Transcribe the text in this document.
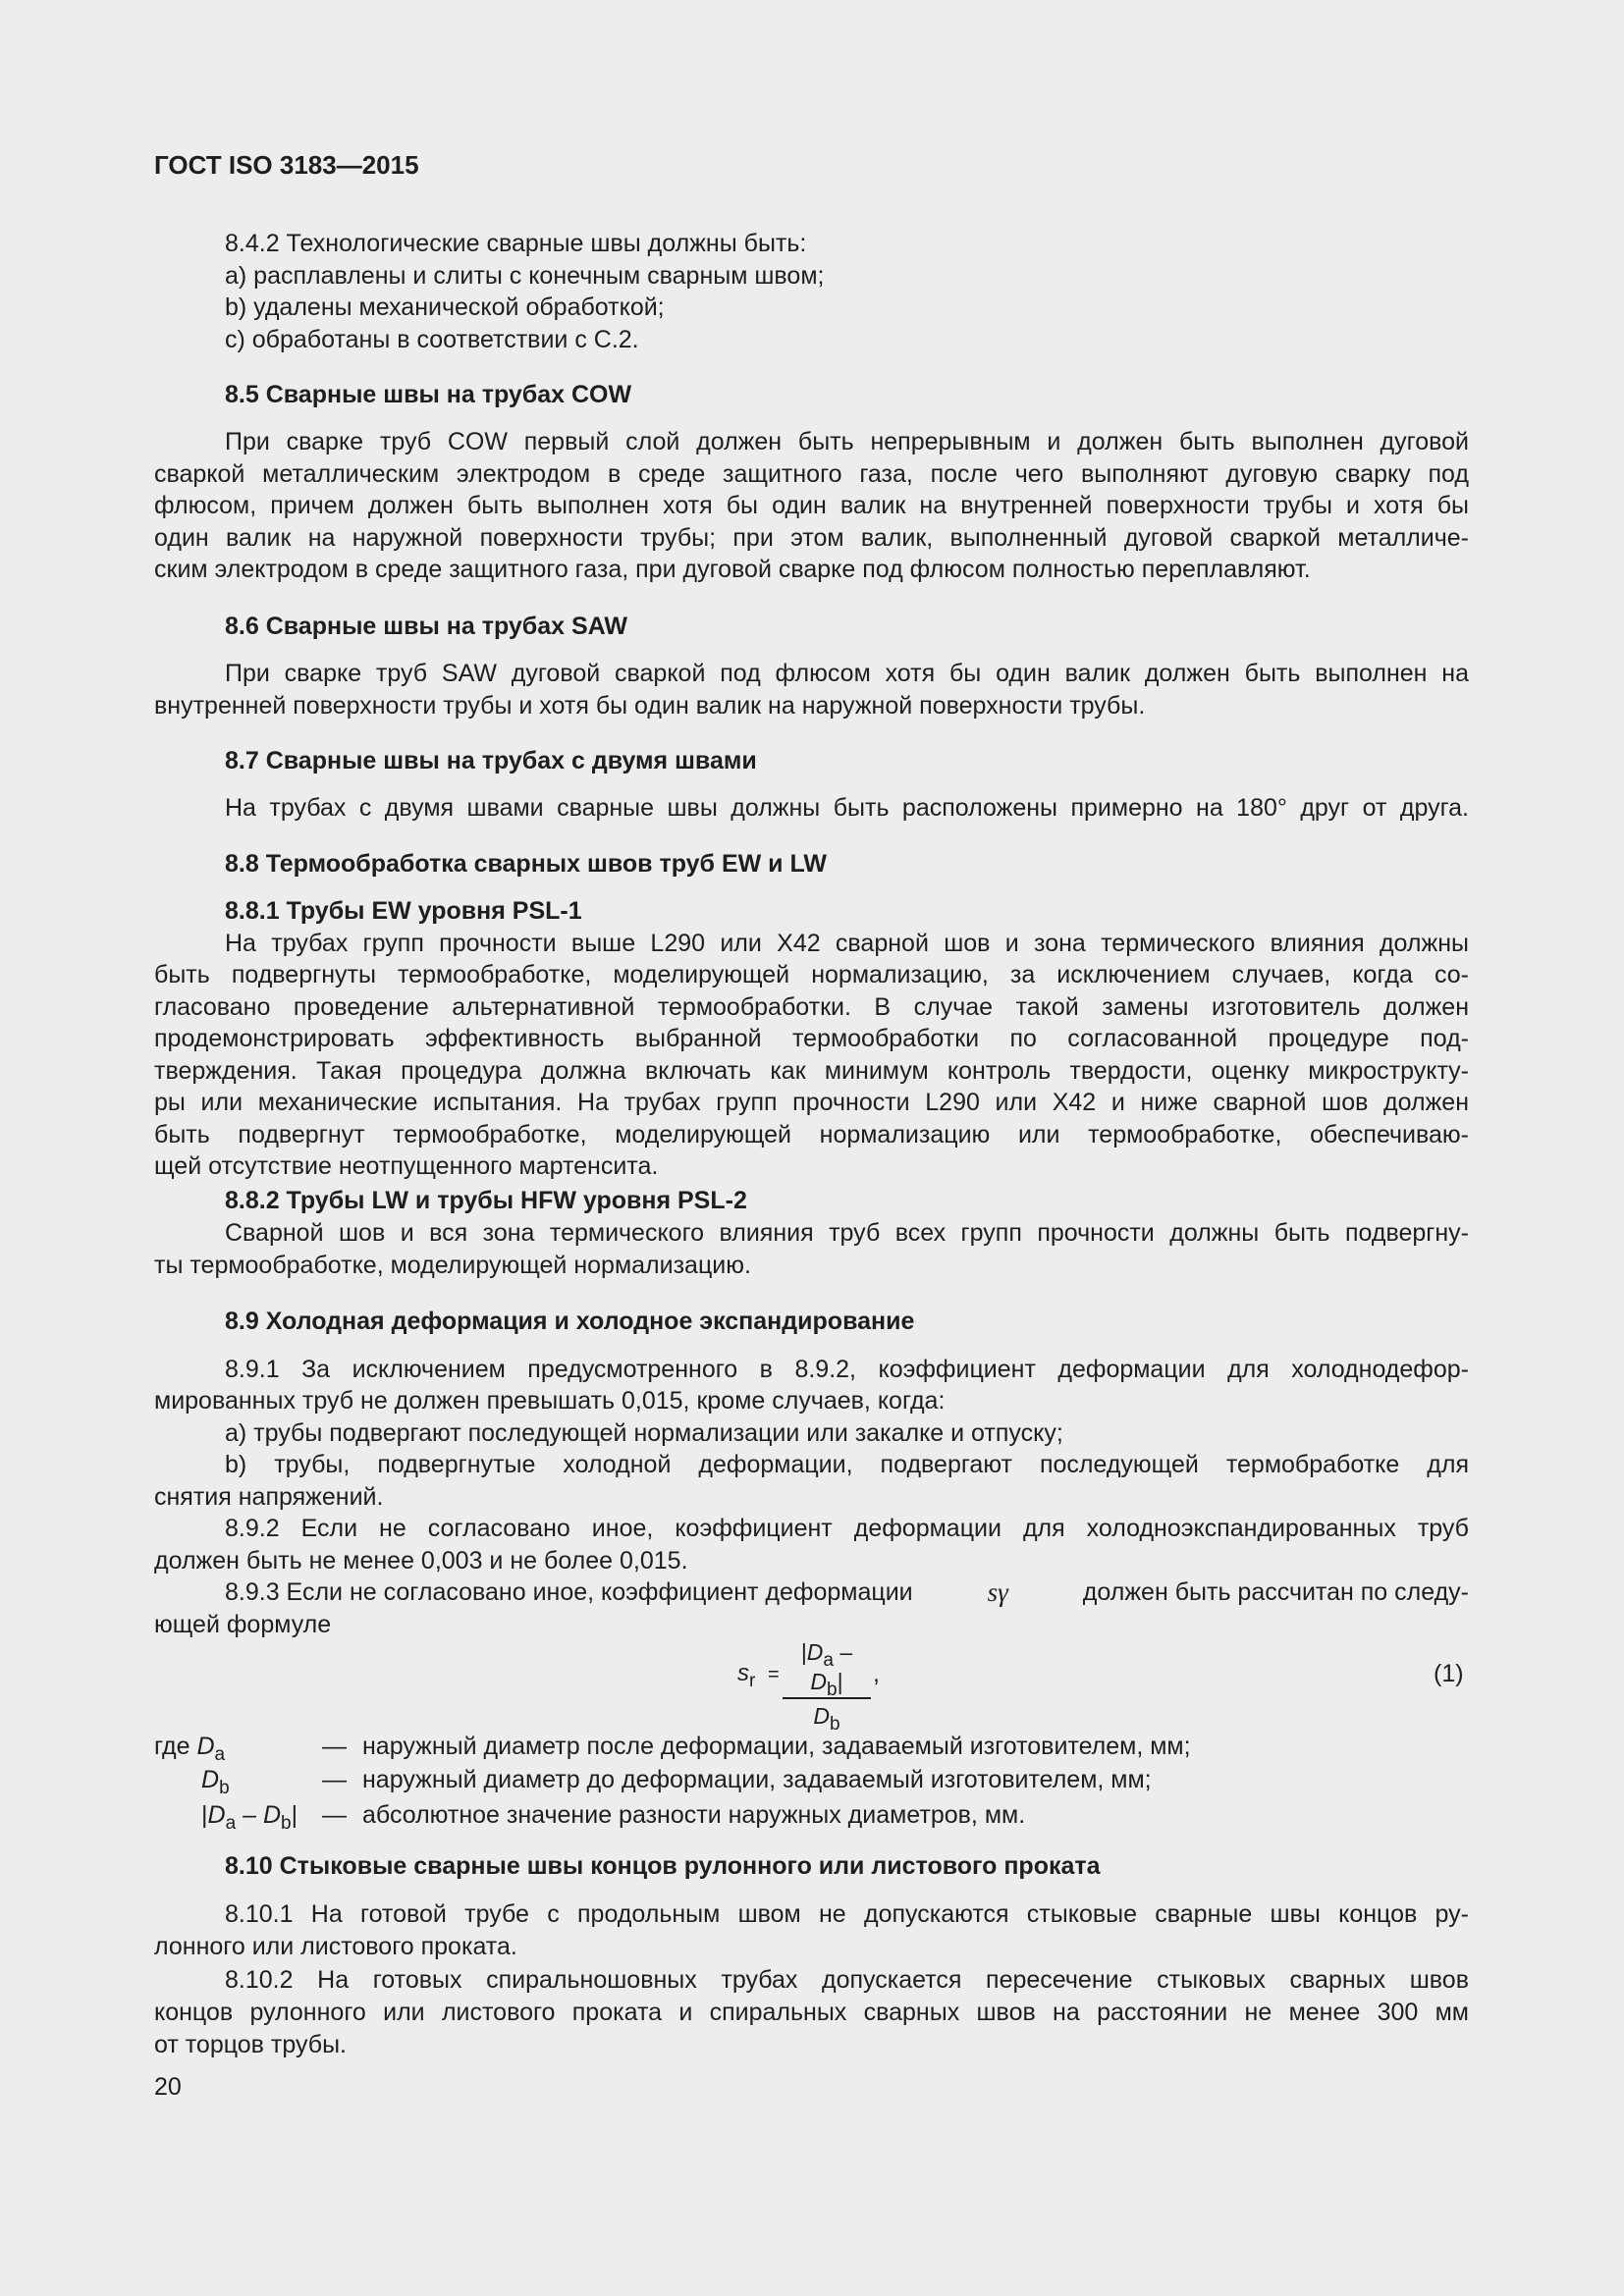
ГОСТ ISO 3183—2015
8.4.2 Технологические сварные швы должны быть:
a) расплавлены и слиты с конечным сварным швом;
b) удалены механической обработкой;
c) обработаны в соответствии с С.2.
8.5 Сварные швы на трубах COW
При сварке труб COW первый слой должен быть непрерывным и должен быть выполнен дуговой
сваркой металлическим электродом в среде защитного газа, после чего выполняют дуговую сварку под
флюсом, причем должен быть выполнен хотя бы один валик на внутренней поверхности трубы и хотя бы
один валик на наружной поверхности трубы; при этом валик, выполненный дуговой сваркой металличе-
ским электродом в среде защитного газа, при дуговой сварке под флюсом полностью переплавляют.
8.6 Сварные швы на трубах SAW
При сварке труб SAW дуговой сваркой под флюсом хотя бы один валик должен быть выполнен на
внутренней поверхности трубы и хотя бы один валик на наружной поверхности трубы.
8.7 Сварные швы на трубах с двумя швами
На трубах с двумя швами сварные швы должны быть расположены примерно на 180° друг от друга.
8.8 Термообработка сварных швов труб EW и LW
8.8.1 Трубы EW уровня PSL-1
На трубах групп прочности выше L290 или X42 сварной шов и зона термического влияния должны
быть подвергнуты термообработке, моделирующей нормализацию, за исключением случаев, когда со-
гласовано проведение альтернативной термообработки. В случае такой замены изготовитель должен
продемонстрировать эффективность выбранной термообработки по согласованной процедуре под-
тверждения. Такая процедура должна включать как минимум контроль твердости, оценку микрострукту-
ры или механические испытания. На трубах групп прочности L290 или X42 и ниже сварной шов должен
быть подвергнут термообработке, моделирующей нормализацию или термообработке, обеспечиваю-
щей отсутствие неотпущенного мартенсита.
8.8.2 Трубы LW и трубы HFW уровня PSL-2
Сварной шов и вся зона термического влияния труб всех групп прочности должны быть подвергну-
ты термообработке, моделирующей нормализацию.
8.9 Холодная деформация и холодное экспандирование
8.9.1 За исключением предусмотренного в 8.9.2, коэффициент деформации для холоднодефор-
мированных труб не должен превышать 0,015, кроме случаев, когда:
a) трубы подвергают последующей нормализации или закалке и отпуску;
b) трубы, подвергнутые холодной деформации, подвергают последующей термобработке для
снятия напряжений.
8.9.2 Если не согласовано иное, коэффициент деформации для холодноэкспандированных труб
должен быть не менее 0,003 и не более 0,015.
8.9.3 Если не согласовано иное, коэффициент деформации	sγ	должен быть рассчитан по следу-
ющей формуле
$s_r$ =
$|D_a - D_b|$
$D_b$
,	(1)
где $D_a$	— наружный диаметр после деформации, задаваемый изготовителем, мм;
$D_b$	— наружный диаметр до деформации, задаваемый изготовителем, мм;
$|D_a - D_b|$ — абсолютное значение разности наружных диаметров, мм.
8.10 Стыковые сварные швы концов рулонного или листового проката
8.10.1 На готовой трубе с продольным швом не допускаются стыковые сварные швы концов ру-
лонного или листового проката.
8.10.2 На готовых спиральношовных трубах допускается пересечение стыковых сварных швов
концов рулонного или листового проката и спиральных сварных швов на расстоянии не менее 300 мм
от торцов трубы.
20
